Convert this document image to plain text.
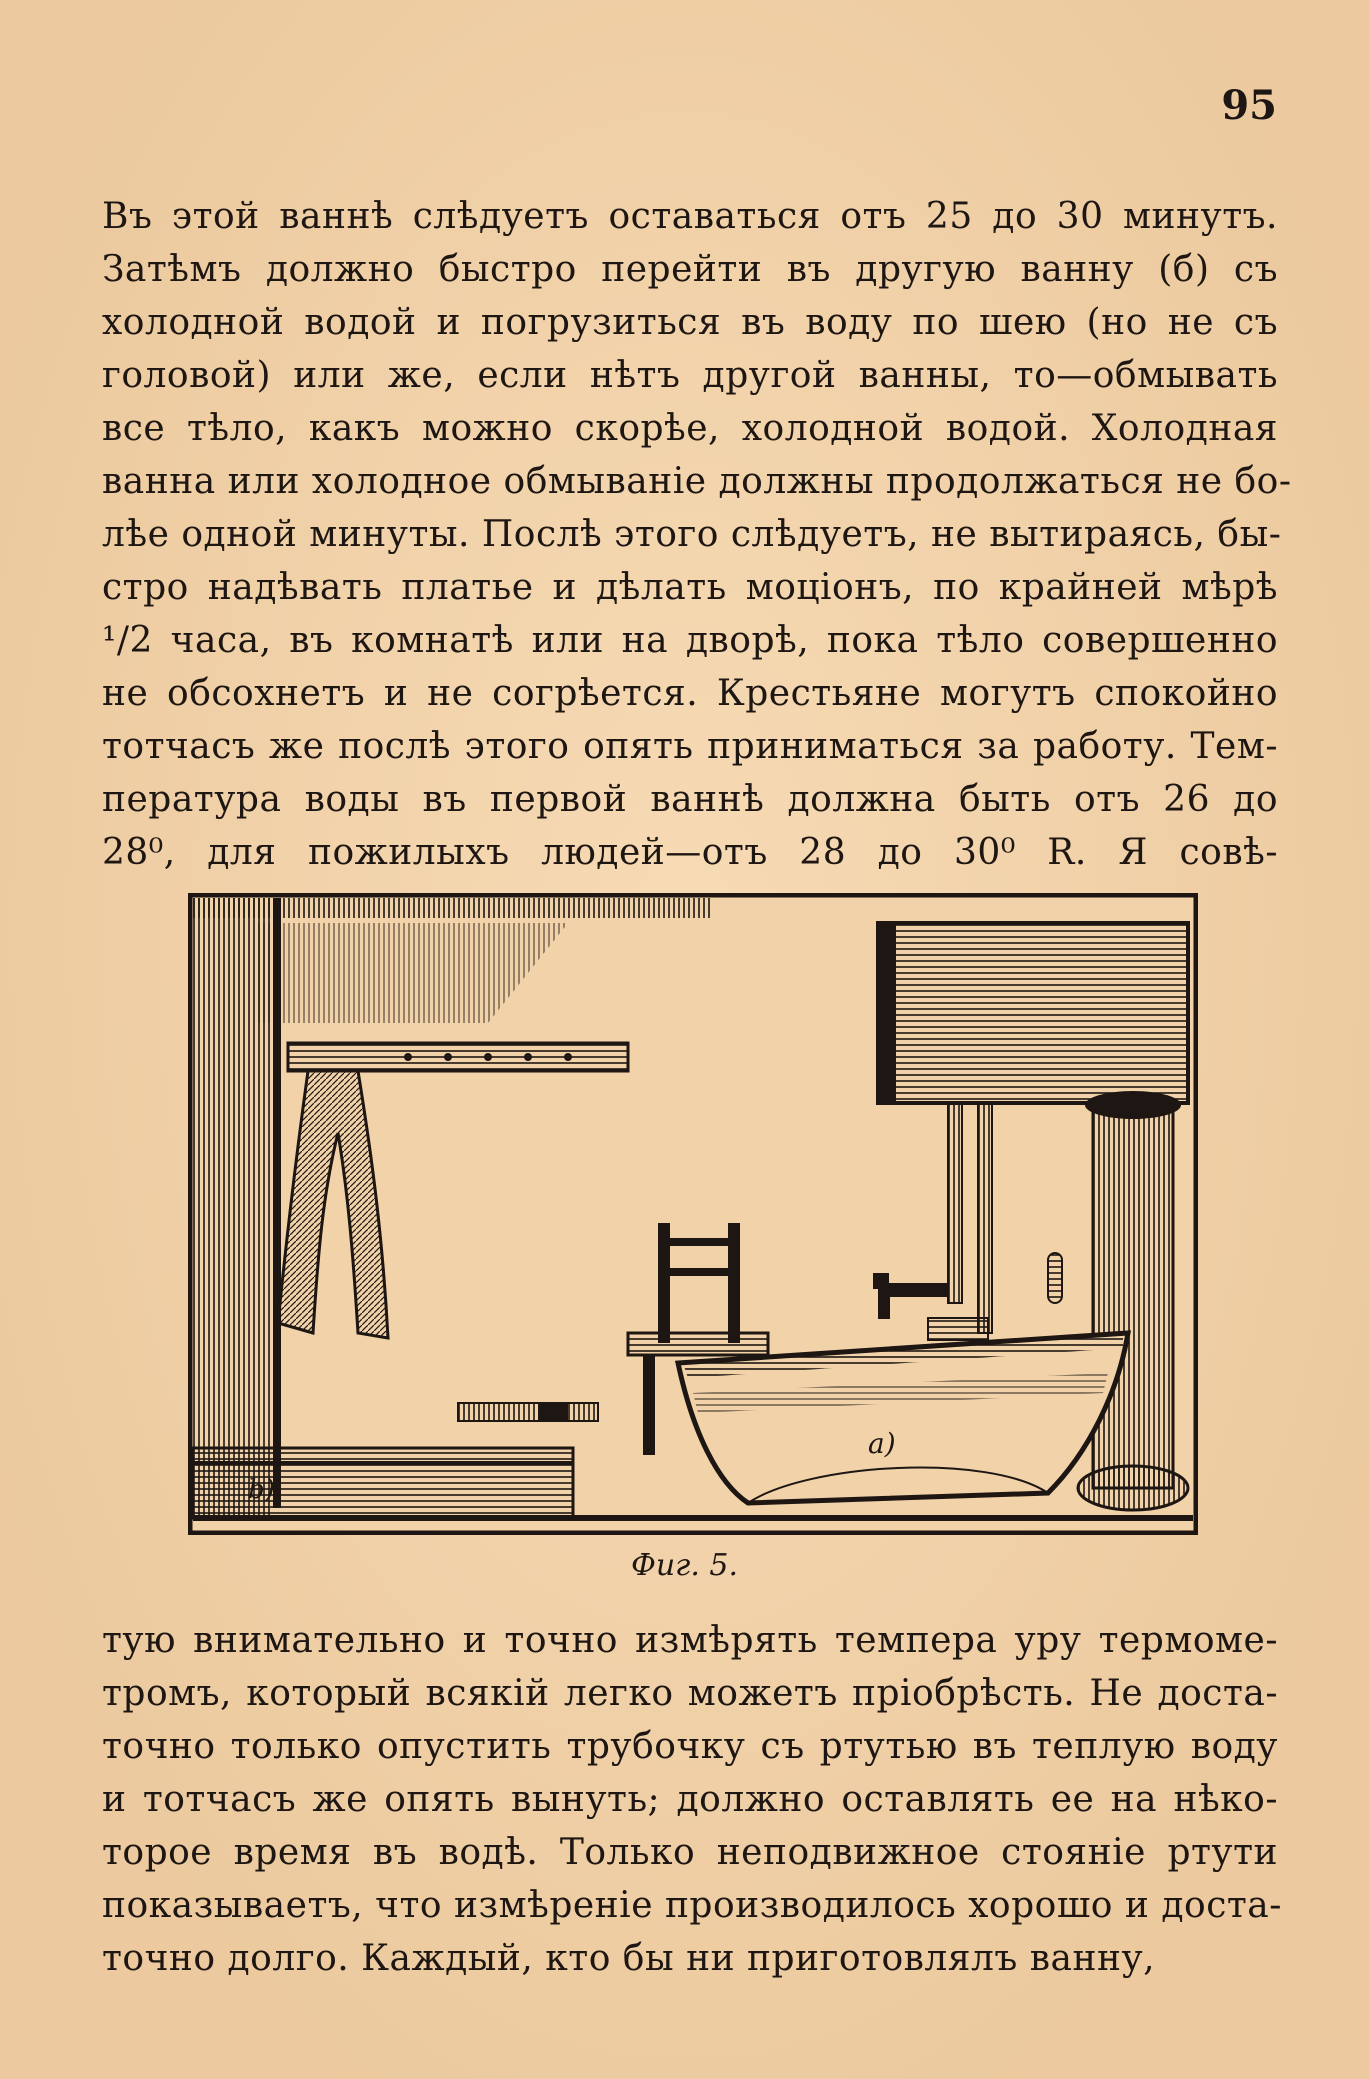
95

Въ этой ваннѣ слѣдуетъ оставаться отъ 25 до 30 минутъ.
Затѣмъ должно быстро перейти въ другую ванну (б) съ
холодной водой и погрузиться въ воду по шею (но не съ
головой) или же, если нѣтъ другой ванны, то—обмывать
все тѣло, какъ можно скорѣе, холодной водой. Холодная
ванна или холодное обмываніе должны продолжаться не бо-
лѣе одной минуты. Послѣ этого слѣдуетъ, не вытираясь, бы-
стро надѣвать платье и дѣлать моціонъ, по крайней мѣрѣ
¹/2 часа, въ комнатѣ или на дворѣ, пока тѣло совершенно
не обсохнетъ и не согрѣется. Крестьяне могутъ спокойно
тотчасъ же послѣ этого опять приниматься за работу. Тем-
пература воды въ первой ваннѣ должна быть отъ 26 до
28⁰, для пожилыхъ людей—отъ 28 до 30⁰ R. Я совѣ-

b)
a)
Фиг. 5.

тую внимательно и точно измѣрять темпера уру термоме-
тромъ, который всякій легко можетъ пріобрѣсть. Не доста-
точно только опустить трубочку съ ртутью въ теплую воду
и тотчасъ же опять вынуть; должно оставлять ее на нѣко-
торое время въ водѣ. Только неподвижное стояніе ртути
показываетъ, что измѣреніе производилось хорошо и доста-
точно долго. Каждый, кто бы ни приготовлялъ ванну,
